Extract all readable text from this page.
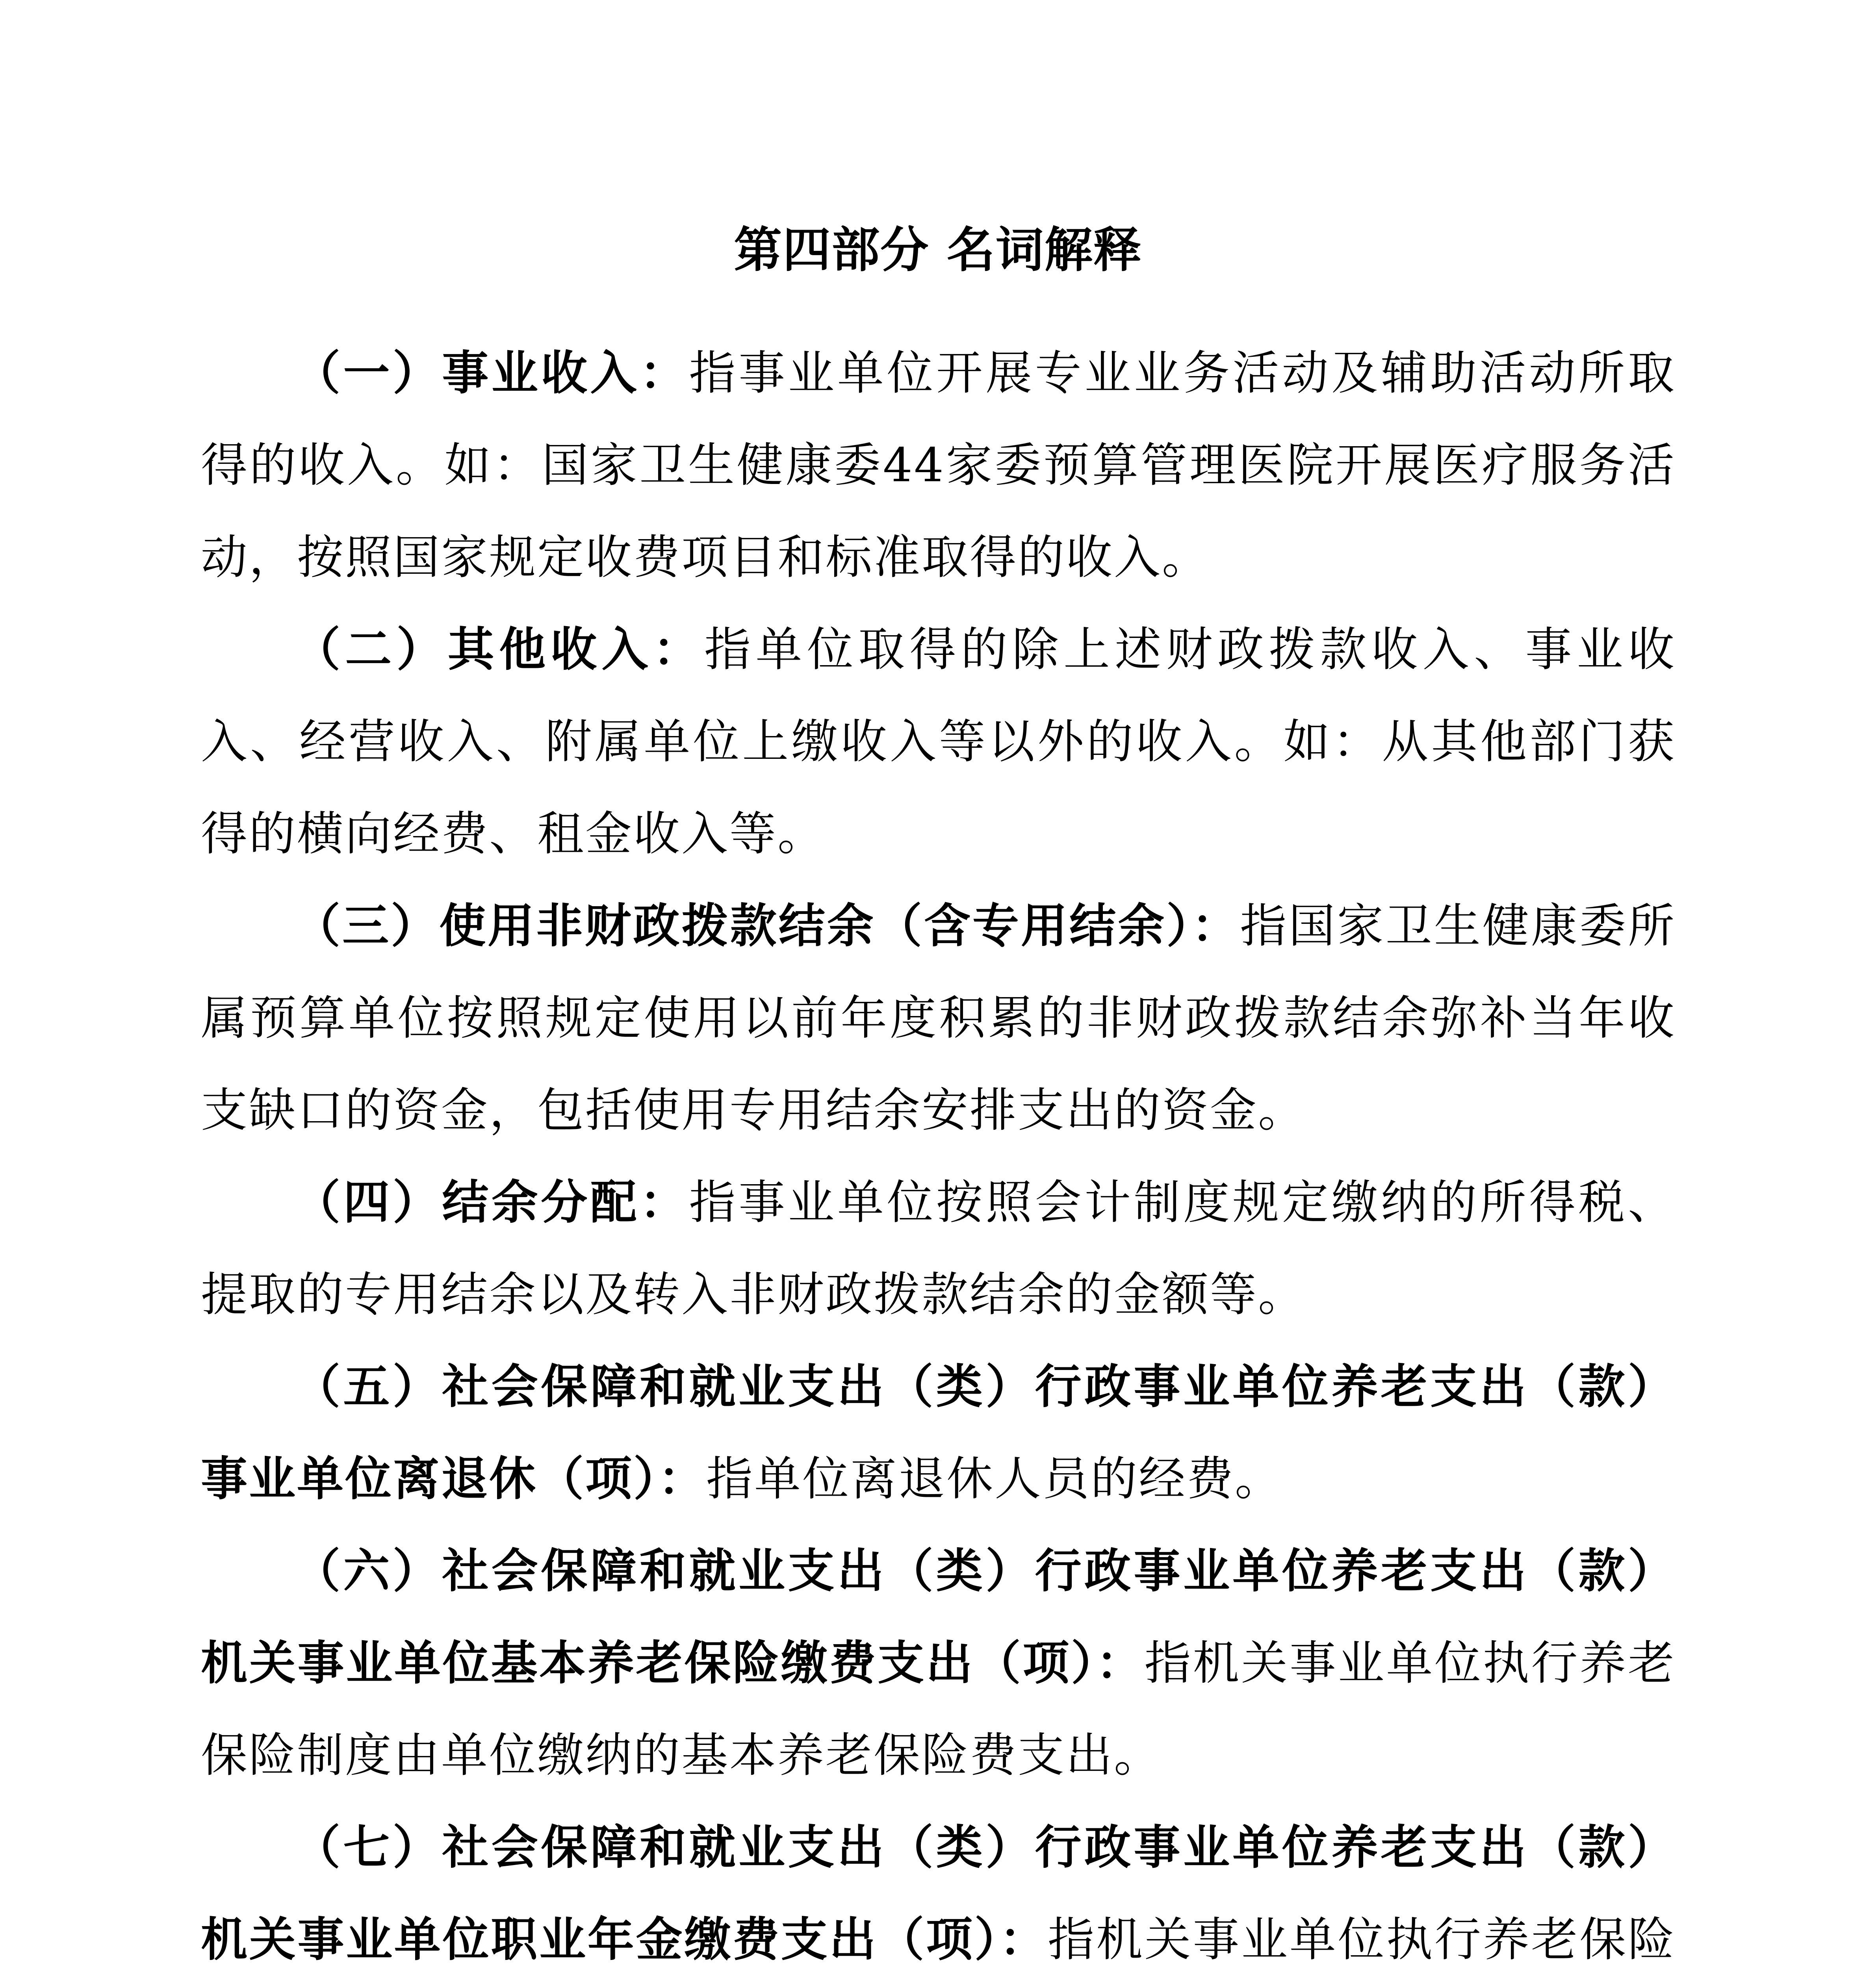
第四部分 名词解释

（一）事业收入：指事业单位开展专业业务活动及辅助活动所取得的收入。如：国家卫生健康委44家委预算管理医院开展医疗服务活动，按照国家规定收费项目和标准取得的收入。

（二）其他收入：指单位取得的除上述财政拨款收入、事业收入、经营收入、附属单位上缴收入等以外的收入。如：从其他部门获得的横向经费、租金收入等。

（三）使用非财政拨款结余（含专用结余）：指国家卫生健康委所属预算单位按照规定使用以前年度积累的非财政拨款结余弥补当年收支缺口的资金，包括使用专用结余安排支出的资金。

（四）结余分配：指事业单位按照会计制度规定缴纳的所得税、提取的专用结余以及转入非财政拨款结余的金额等。

（五）社会保障和就业支出（类）行政事业单位养老支出（款）事业单位离退休（项）：指单位离退休人员的经费。

（六）社会保障和就业支出（类）行政事业单位养老支出（款）机关事业单位基本养老保险缴费支出（项）：指机关事业单位执行养老保险制度由单位缴纳的基本养老保险费支出。

（七）社会保障和就业支出（类）行政事业单位养老支出（款）机关事业单位职业年金缴费支出（项）：指机关事业单位执行养老保险
